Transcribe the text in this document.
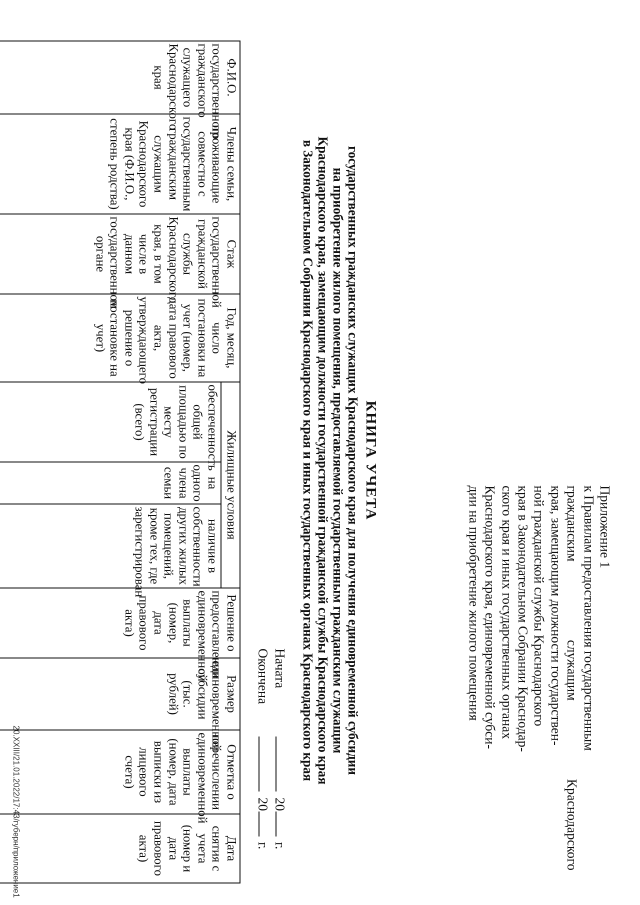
Приложение 1
к Правилам предоставления государственным
гражданским
служащим
Краснодарского
края, замещающим должности государствен-
ной гражданской службы Краснодарского
края в Законодательном Собрании Краснодар-
ского края и иных государственных органах
Краснодарского края, единовременной субси-
дии на приобретение жилого помещения
КНИГА УЧЕТА
государственных гражданских служащих Краснодарского края для получения единовременной субсидии
на приобретение жилого помещения, предоставляемой государственным гражданским служащим
Краснодарского края, замещающим должности государственной гражданской службы Краснодарского края
в Законодательном Собрании Краснодарского края и иных государственных органах Краснодарского края
Начата
20
г.
Окончена
20
г.
Ф.И.О. государственного гражданского служащего Краснодарского края	Члены семьи, проживающие совместно с государственным гражданским служащим Краснодарского края (Ф.И.О., степень родства)	Стаж государственной гражданской службы Краснодарского края, в том числе в данном государственном органе	Год, месяц, число постановки на учет (номер, дата правового акта, утверждающего решение о постановке на учет)	Жилищные условия			Решение о предоставлении единовременной выплаты (номер, дата правового акта)	Размер единовременной субсидии (тыс. рублей)	Отметка о перечислении единовременной выплаты (номер, дата выписки из лицевого счета)	Дата снятия с учета (номер и дата правового акта)
				обеспеченность общей площадью по месту регистрации (всего)	на одного члена семьи	наличие в собственности других жилых помещений, кроме тех, где зарегистрирован				

20.XXIII/21.01.2022/17:43/губерн/приложение1
